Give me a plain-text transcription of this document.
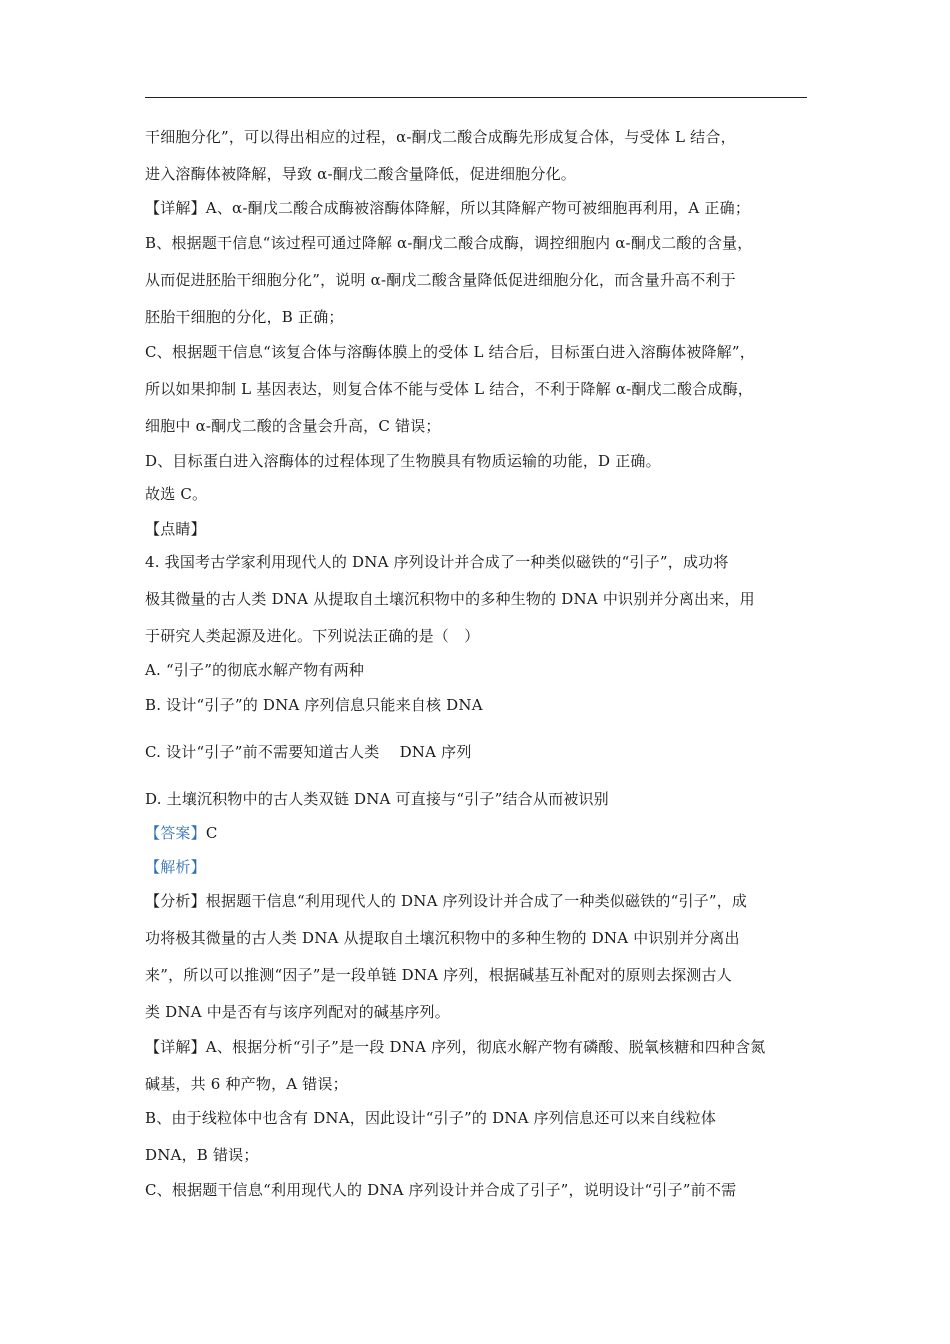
干细胞分化”，可以得出相应的过程，α-酮戊二酸合成酶先形成复合体，与受体 L 结合，
进入溶酶体被降解，导致 α-酮戊二酸含量降低，促进细胞分化。
【详解】A、α-酮戊二酸合成酶被溶酶体降解，所以其降解产物可被细胞再利用，A 正确；
B、根据题干信息“该过程可通过降解 α-酮戊二酸合成酶，调控细胞内 α-酮戊二酸的含量，
从而促进胚胎干细胞分化”，说明 α-酮戊二酸含量降低促进细胞分化，而含量升高不利于
胚胎干细胞的分化，B 正确；
C、根据题干信息“该复合体与溶酶体膜上的受体 L 结合后，目标蛋白进入溶酶体被降解”，
所以如果抑制 L 基因表达，则复合体不能与受体 L 结合，不利于降解 α-酮戊二酸合成酶，
细胞中 α-酮戊二酸的含量会升高，C 错误；
D、目标蛋白进入溶酶体的过程体现了生物膜具有物质运输的功能，D 正确。
故选 C。
【点睛】
4. 我国考古学家利用现代人的 DNA 序列设计并合成了一种类似磁铁的“引子”，成功将
极其微量的古人类 DNA 从提取自土壤沉积物中的多种生物的 DNA 中识别并分离出来，用
于研究人类起源及进化。下列说法正确的是（　）
A. “引子”的彻底水解产物有两种
B. 设计“引子”的 DNA 序列信息只能来自核 DNA
C. 设计“引子”前不需要知道古人类　 DNA 序列
D. 土壤沉积物中的古人类双链 DNA 可直接与“引子”结合从而被识别
【答案】C
【解析】
【分析】根据题干信息“利用现代人的 DNA 序列设计并合成了一种类似磁铁的“引子”，成
功将极其微量的古人类 DNA 从提取自土壤沉积物中的多种生物的 DNA 中识别并分离出
来”，所以可以推测“因子”是一段单链 DNA 序列，根据碱基互补配对的原则去探测古人
类 DNA 中是否有与该序列配对的碱基序列。
【详解】A、根据分析“引子”是一段 DNA 序列，彻底水解产物有磷酸、脱氧核糖和四种含氮
碱基，共 6 种产物，A 错误；
B、由于线粒体中也含有 DNA，因此设计“引子”的 DNA 序列信息还可以来自线粒体
DNA，B 错误；
C、根据题干信息“利用现代人的 DNA 序列设计并合成了引子”，说明设计“引子”前不需
